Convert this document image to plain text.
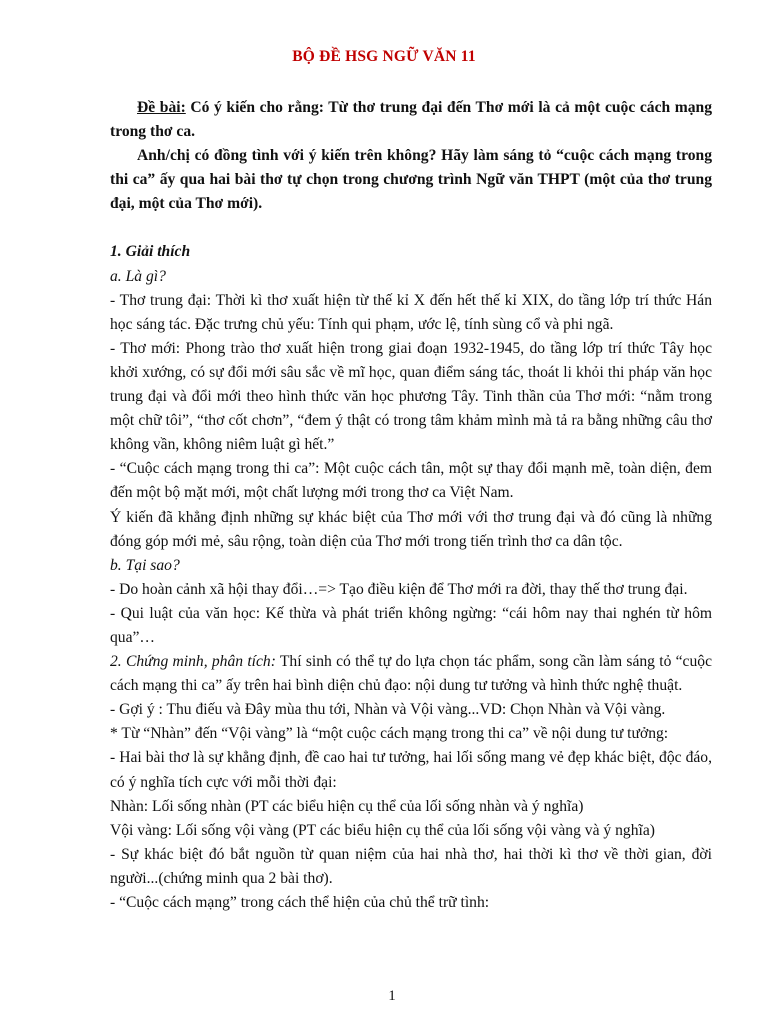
BỘ ĐỀ HSG NGỮ VĂN 11

Đề bài: Có ý kiến cho rằng: Từ thơ trung đại đến Thơ mới là cả một cuộc cách mạng trong thơ ca.

Anh/chị có đồng tình với ý kiến trên không? Hãy làm sáng tỏ “cuộc cách mạng trong thi ca” ấy qua hai bài thơ tự chọn trong chương trình Ngữ văn THPT (một của thơ trung đại, một của Thơ mới).

1. Giải thích

a. Là gì?

- Thơ trung đại: Thời kì thơ xuất hiện từ thế kỉ X đến hết thế kỉ XIX, do tầng lớp trí thức Hán học sáng tác. Đặc trưng chủ yếu: Tính qui phạm, ước lệ, tính sùng cổ và phi ngã.

- Thơ mới: Phong trào thơ xuất hiện trong giai đoạn 1932-1945, do tầng lớp trí thức Tây học khởi xướng, có sự đổi mới sâu sắc về mĩ học, quan điểm sáng tác, thoát li khỏi thi pháp văn học trung đại và đổi mới theo hình thức văn học phương Tây. Tinh thần của Thơ mới: “nằm trong một chữ tôi”, “thơ cốt chơn”, “đem ý thật có trong tâm khảm mình mà tả ra bằng những câu thơ không vần, không niêm luật gì hết.”

- “Cuộc cách mạng trong thi ca”: Một cuộc cách tân, một sự thay đổi mạnh mẽ, toàn diện, đem đến một bộ mặt mới, một chất lượng mới trong thơ ca Việt Nam.

Ý kiến đã khẳng định những sự khác biệt của Thơ mới với thơ trung đại và đó cũng là những đóng góp mới mẻ, sâu rộng, toàn diện của Thơ mới trong tiến trình thơ ca dân tộc.

b. Tại sao?

- Do hoàn cảnh xã hội thay đổi…=> Tạo điều kiện để Thơ mới ra đời, thay thế thơ trung đại.

- Qui luật của văn học: Kế thừa và phát triển không ngừng: “cái hôm nay thai nghén từ hôm qua”…

2. Chứng minh, phân tích: Thí sinh có thể tự do lựa chọn tác phẩm, song cần làm sáng tỏ “cuộc cách mạng thi ca” ấy trên hai bình diện chủ đạo: nội dung tư tưởng và hình thức nghệ thuật.

- Gợi ý : Thu điếu và Đây mùa thu tới, Nhàn và Vội vàng...VD: Chọn Nhàn và Vội vàng.

* Từ “Nhàn” đến “Vội vàng” là “một cuộc cách mạng trong thi ca” về nội dung tư tưởng:

- Hai bài thơ là sự khẳng định, đề cao hai tư tưởng, hai lối sống mang vẻ đẹp khác biệt, độc đáo, có ý nghĩa tích cực với mỗi thời đại:

Nhàn: Lối sống nhàn (PT các biểu hiện cụ thể của lối sống nhàn và ý nghĩa)

Vội vàng: Lối sống vội vàng (PT các biểu hiện cụ thể của lối sống vội vàng và ý nghĩa)

- Sự khác biệt đó bắt nguồn từ quan niệm của hai nhà thơ, hai thời kì thơ về thời gian, đời người...(chứng minh qua 2 bài thơ).

- “Cuộc cách mạng” trong cách thể hiện của chủ thể trữ tình:

1
